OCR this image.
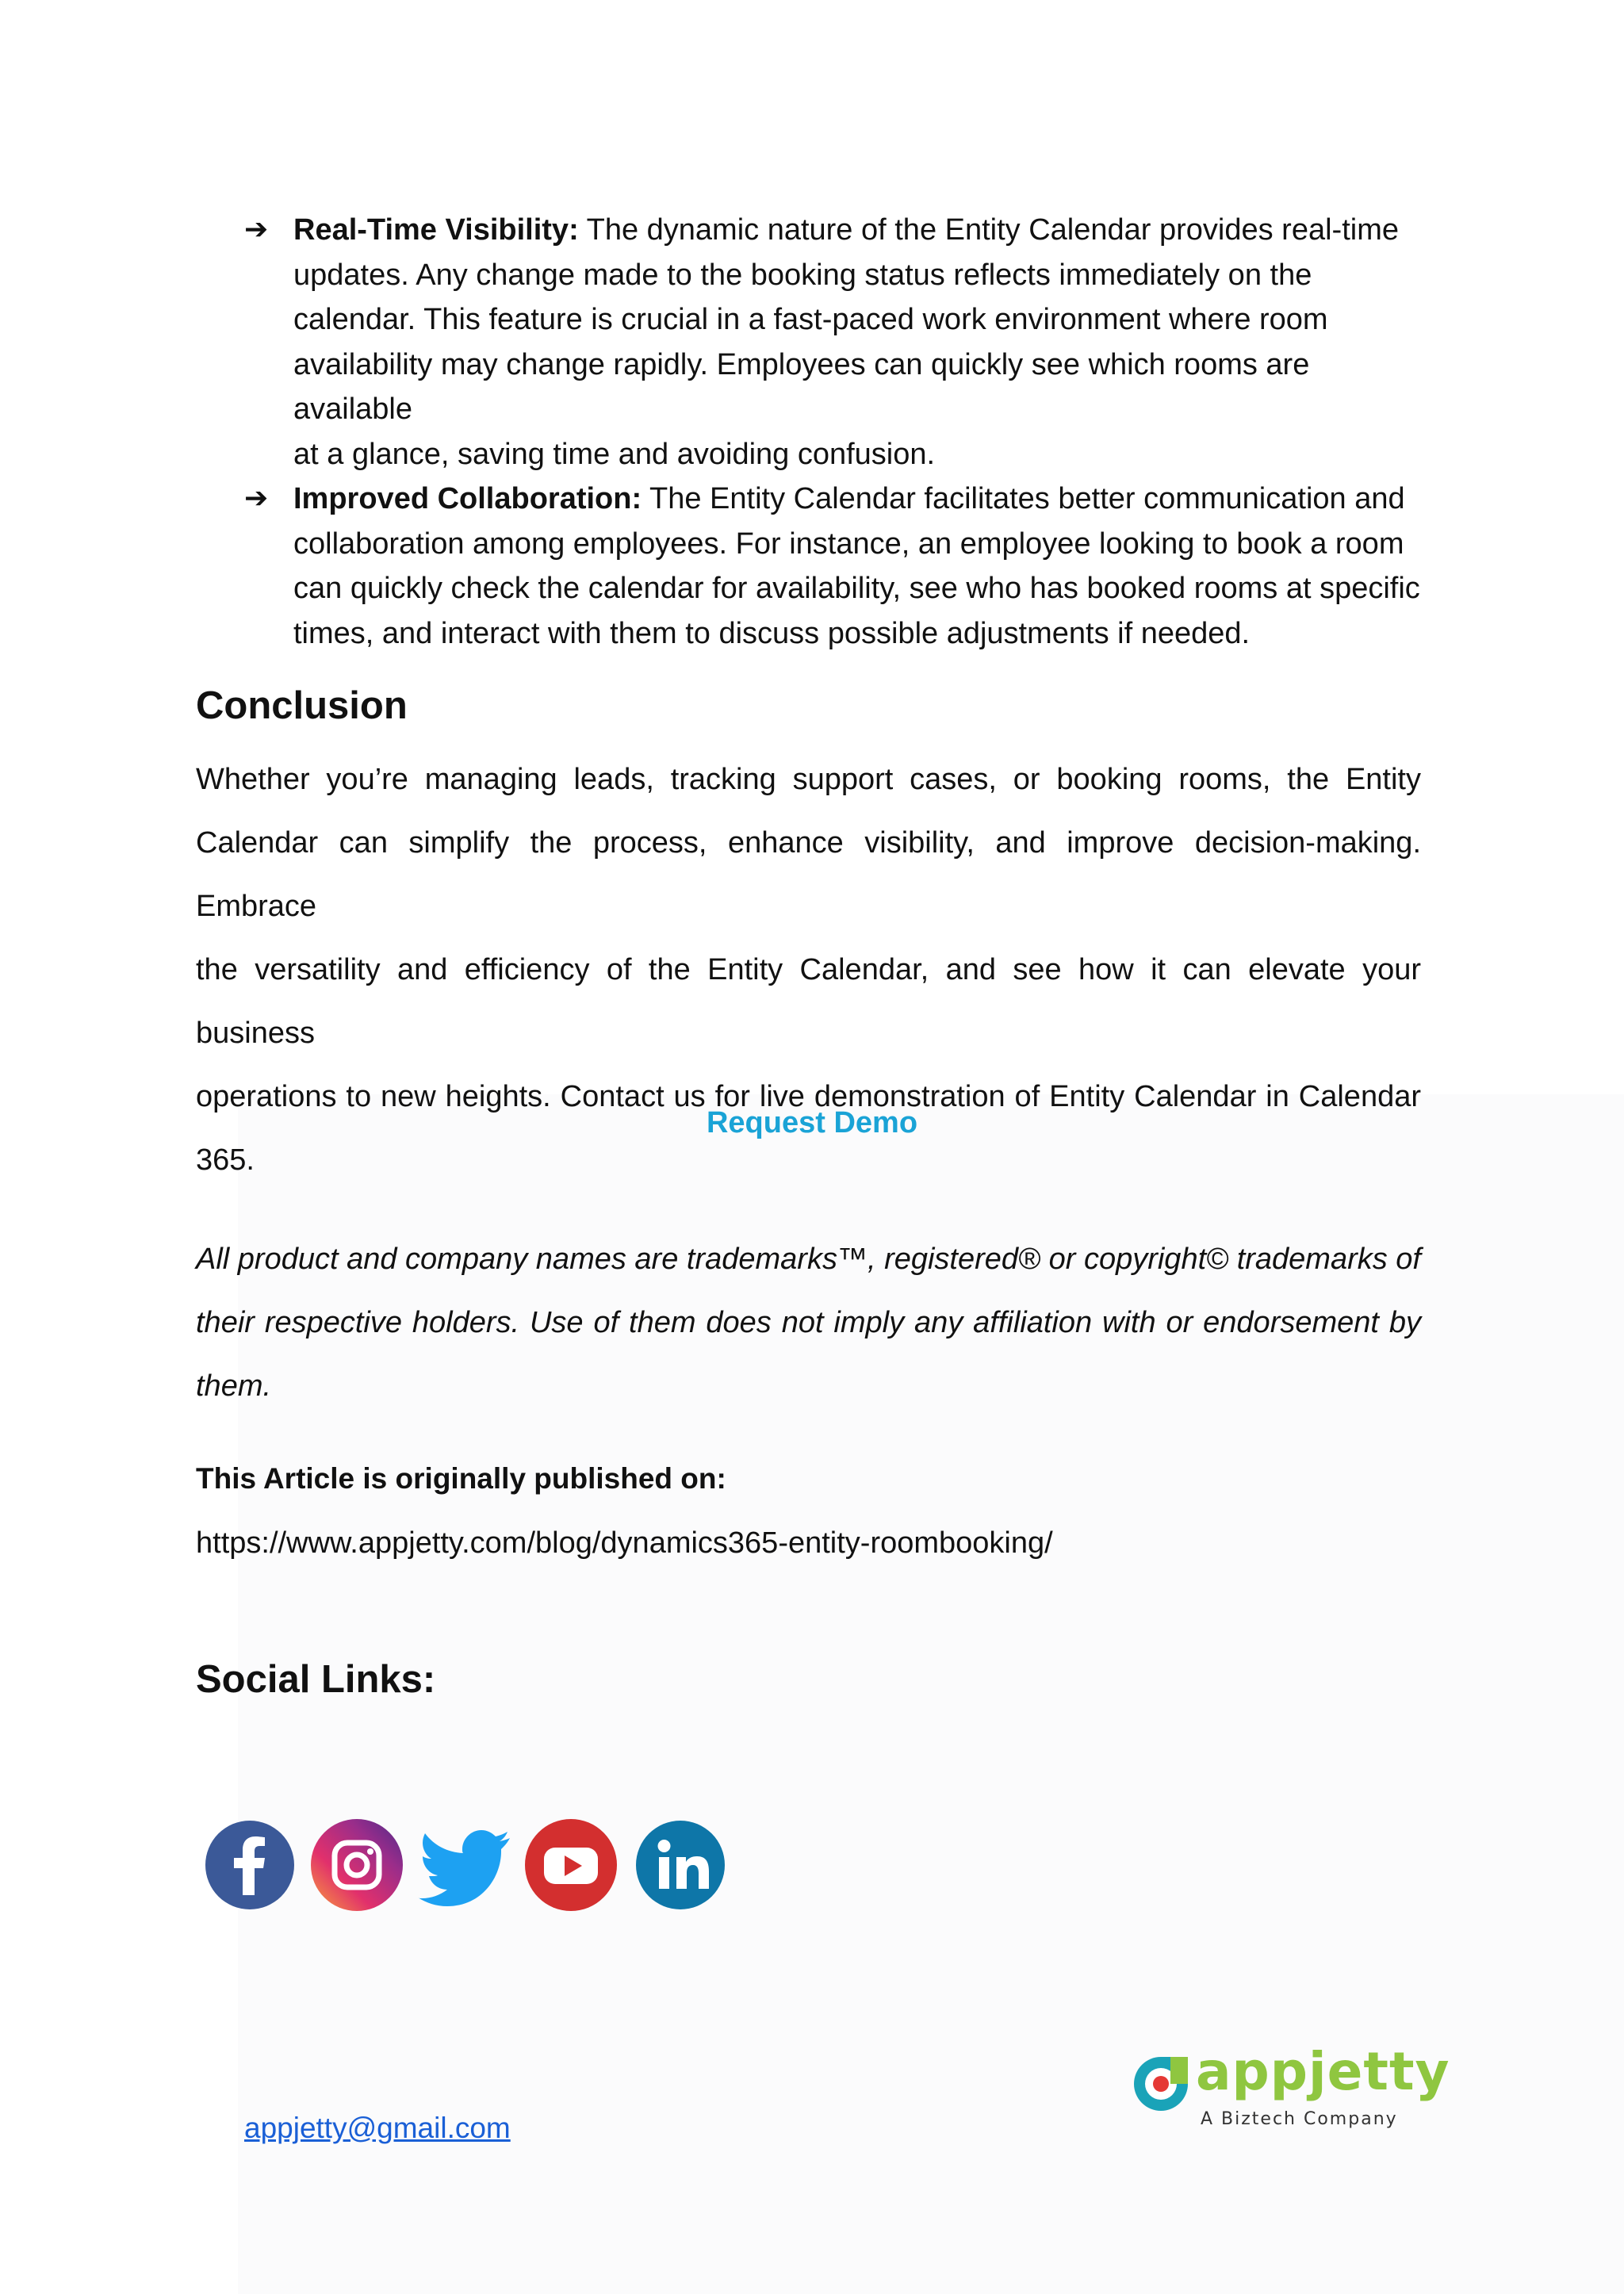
➔ Real-Time Visibility: The dynamic nature of the Entity Calendar provides real-time
updates. Any change made to the booking status reflects immediately on the
calendar. This feature is crucial in a fast-paced work environment where room
availability may change rapidly. Employees can quickly see which rooms are available
at a glance, saving time and avoiding confusion.
➔ Improved Collaboration: The Entity Calendar facilitates better communication and
collaboration among employees. For instance, an employee looking to book a room
can quickly check the calendar for availability, see who has booked rooms at specific
times, and interact with them to discuss possible adjustments if needed.
Conclusion
Whether you’re managing leads, tracking support cases, or booking rooms, the Entity
Calendar can simplify the process, enhance visibility, and improve decision-making. Embrace
the versatility and efficiency of the Entity Calendar, and see how it can elevate your business
operations to new heights. Contact us for live demonstration of Entity Calendar in Calendar
365.
Request Demo
All product and company names are trademarks™, registered® or copyright© trademarks of
their respective holders. Use of them does not imply any affiliation with or endorsement by
them.
This Article is originally published on:
https://www.appjetty.com/blog/dynamics365-entity-roombooking/
Social Links:
appjetty
A Biztech Company
appjetty@gmail.com
